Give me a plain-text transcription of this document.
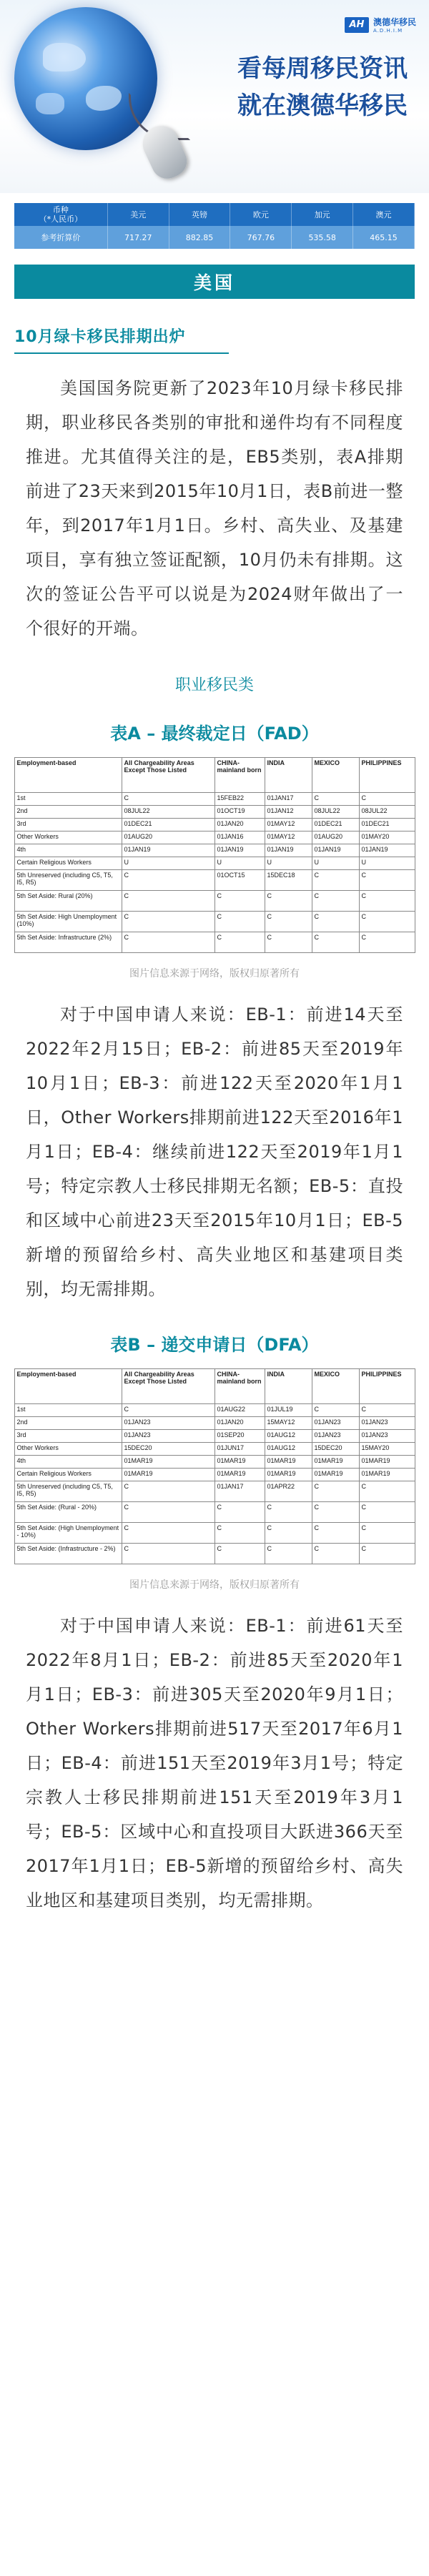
AH	澳德华移民
A.D.H.I.M
看每周移民资讯
就在澳德华移民
币种
（*人民币）	美元	英镑	欧元	加元	澳元
参考折算价	717.27	882.85	767.76	535.58	465.15
美国
10月绿卡移民排期出炉

美国国务院更新了2023年10月绿卡移民排期，职业移民各类别的审批和递件均有不同程度推进。尤其值得关注的是，EB5类别，表A排期前进了23天来到2015年10月1日，表B前进一整年，到2017年1月1日。乡村、高失业、及基建项目，享有独立签证配额，10月仍未有排期。这次的签证公告平可以说是为2024财年做出了一个很好的开端。

职业移民类
表A – 最终裁定日（FAD）
Employment-based	All Chargeability Areas Except Those Listed	CHINA-mainland born	INDIA	MEXICO	PHILIPPINES
1st	C	15FEB22	01JAN17	C	C
2nd	08JUL22	01OCT19	01JAN12	08JUL22	08JUL22
3rd	01DEC21	01JAN20	01MAY12	01DEC21	01DEC21
Other Workers	01AUG20	01JAN16	01MAY12	01AUG20	01MAY20
4th	01JAN19	01JAN19	01JAN19	01JAN19	01JAN19
Certain Religious Workers	U	U	U	U	U
5th Unreserved (including C5, T5, I5, R5)	C	01OCT15	15DEC18	C	C
5th Set Aside: Rural (20%)	C	C	C	C	C
5th Set Aside: High Unemployment (10%)	C	C	C	C	C
5th Set Aside: Infrastructure (2%)	C	C	C	C	C
图片信息来源于网络，版权归原著所有

对于中国申请人来说：EB-1：前进14天至2022年2月15日；EB-2：前进85天至2019年10月1日；EB-3：前进122天至2020年1月1日，Other Workers排期前进122天至2016年1月1日；EB-4：继续前进122天至2019年1月1号；特定宗教人士移民排期无名额；EB-5：直投和区域中心前进23天至2015年10月1日；EB-5新增的预留给乡村、高失业地区和基建项目类别，均无需排期。

表B – 递交申请日（DFA）
Employment-based	All Chargeability Areas Except Those Listed	CHINA-mainland born	INDIA	MEXICO	PHILIPPINES
1st	C	01AUG22	01JUL19	C	C
2nd	01JAN23	01JAN20	15MAY12	01JAN23	01JAN23
3rd	01JAN23	01SEP20	01AUG12	01JAN23	01JAN23
Other Workers	15DEC20	01JUN17	01AUG12	15DEC20	15MAY20
4th	01MAR19	01MAR19	01MAR19	01MAR19	01MAR19
Certain Religious Workers	01MAR19	01MAR19	01MAR19	01MAR19	01MAR19
5th Unreserved (including C5, T5, I5, R5)	C	01JAN17	01APR22	C	C
5th Set Aside: (Rural - 20%)	C	C	C	C	C
5th Set Aside: (High Unemployment - 10%)	C	C	C	C	C
5th Set Aside: (Infrastructure - 2%)	C	C	C	C	C
图片信息来源于网络，版权归原著所有

对于中国申请人来说：EB-1：前进61天至2022年8月1日；EB-2：前进85天至2020年1月1日；EB-3：前进305天至2020年9月1日；Other Workers排期前进517天至2017年6月1日；EB-4：前进151天至2019年3月1号；特定宗教人士移民排期前进151天至2019年3月1号；EB-5：区域中心和直投项目大跃进366天至2017年1月1日；EB-5新增的预留给乡村、高失业地区和基建项目类别，均无需排期。
